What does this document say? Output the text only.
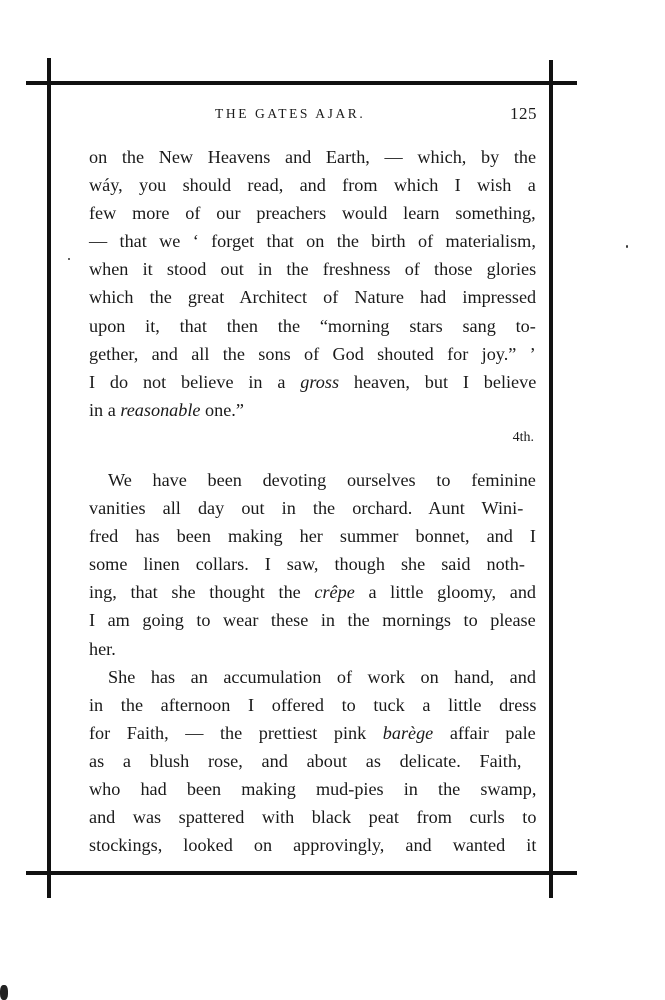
THE GATES AJAR.	125
on the New Heavens and Earth, — which, by the
wáy, you should read, and from which I wish a
few more of our preachers would learn something,
— that we ‘ forget that on the birth of materialism,
when it stood out in the freshness of those glories
which the great Architect of Nature had impressed
upon it, that then the “morning stars sang to-
gether, and all the sons of God shouted for joy.” ’
I do not believe in a gross heaven, but I believe
in a reasonable one.”
4th.
We have been devoting ourselves to feminine
vanities all day out in the orchard. Aunt Wini-
fred has been making her summer bonnet, and I
some linen collars. I saw, though she said noth-
ing, that she thought the crêpe a little gloomy, and
I am going to wear these in the mornings to please
her.
She has an accumulation of work on hand, and
in the afternoon I offered to tuck a little dress
for Faith, — the prettiest pink barège affair pale
as a blush rose, and about as delicate. Faith,
who had been making mud-pies in the swamp,
and was spattered with black peat from curls to
stockings, looked on approvingly, and wanted it
